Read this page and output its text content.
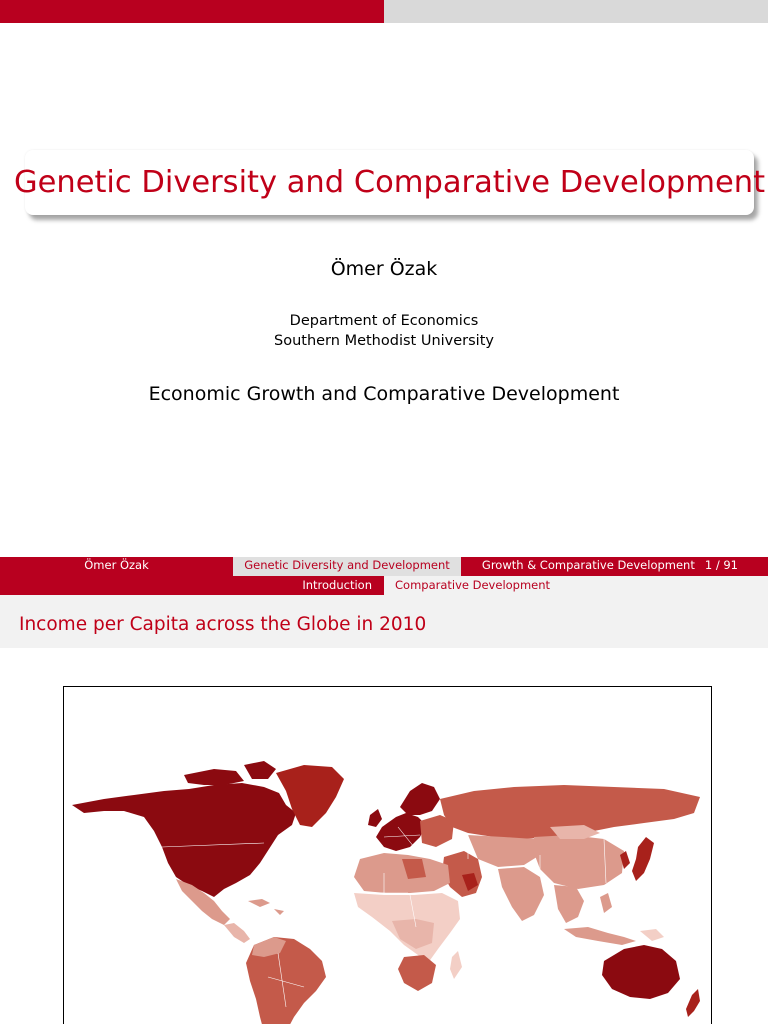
Genetic Diversity and Comparative Development
Ömer Özak
Department of Economics
Southern Methodist University
Economic Growth and Comparative Development
Ömer Özak	Genetic Diversity and Development	Growth & Comparative Development 1 / 91
Introduction	Comparative Development
Income per Capita across the Globe in 2010
